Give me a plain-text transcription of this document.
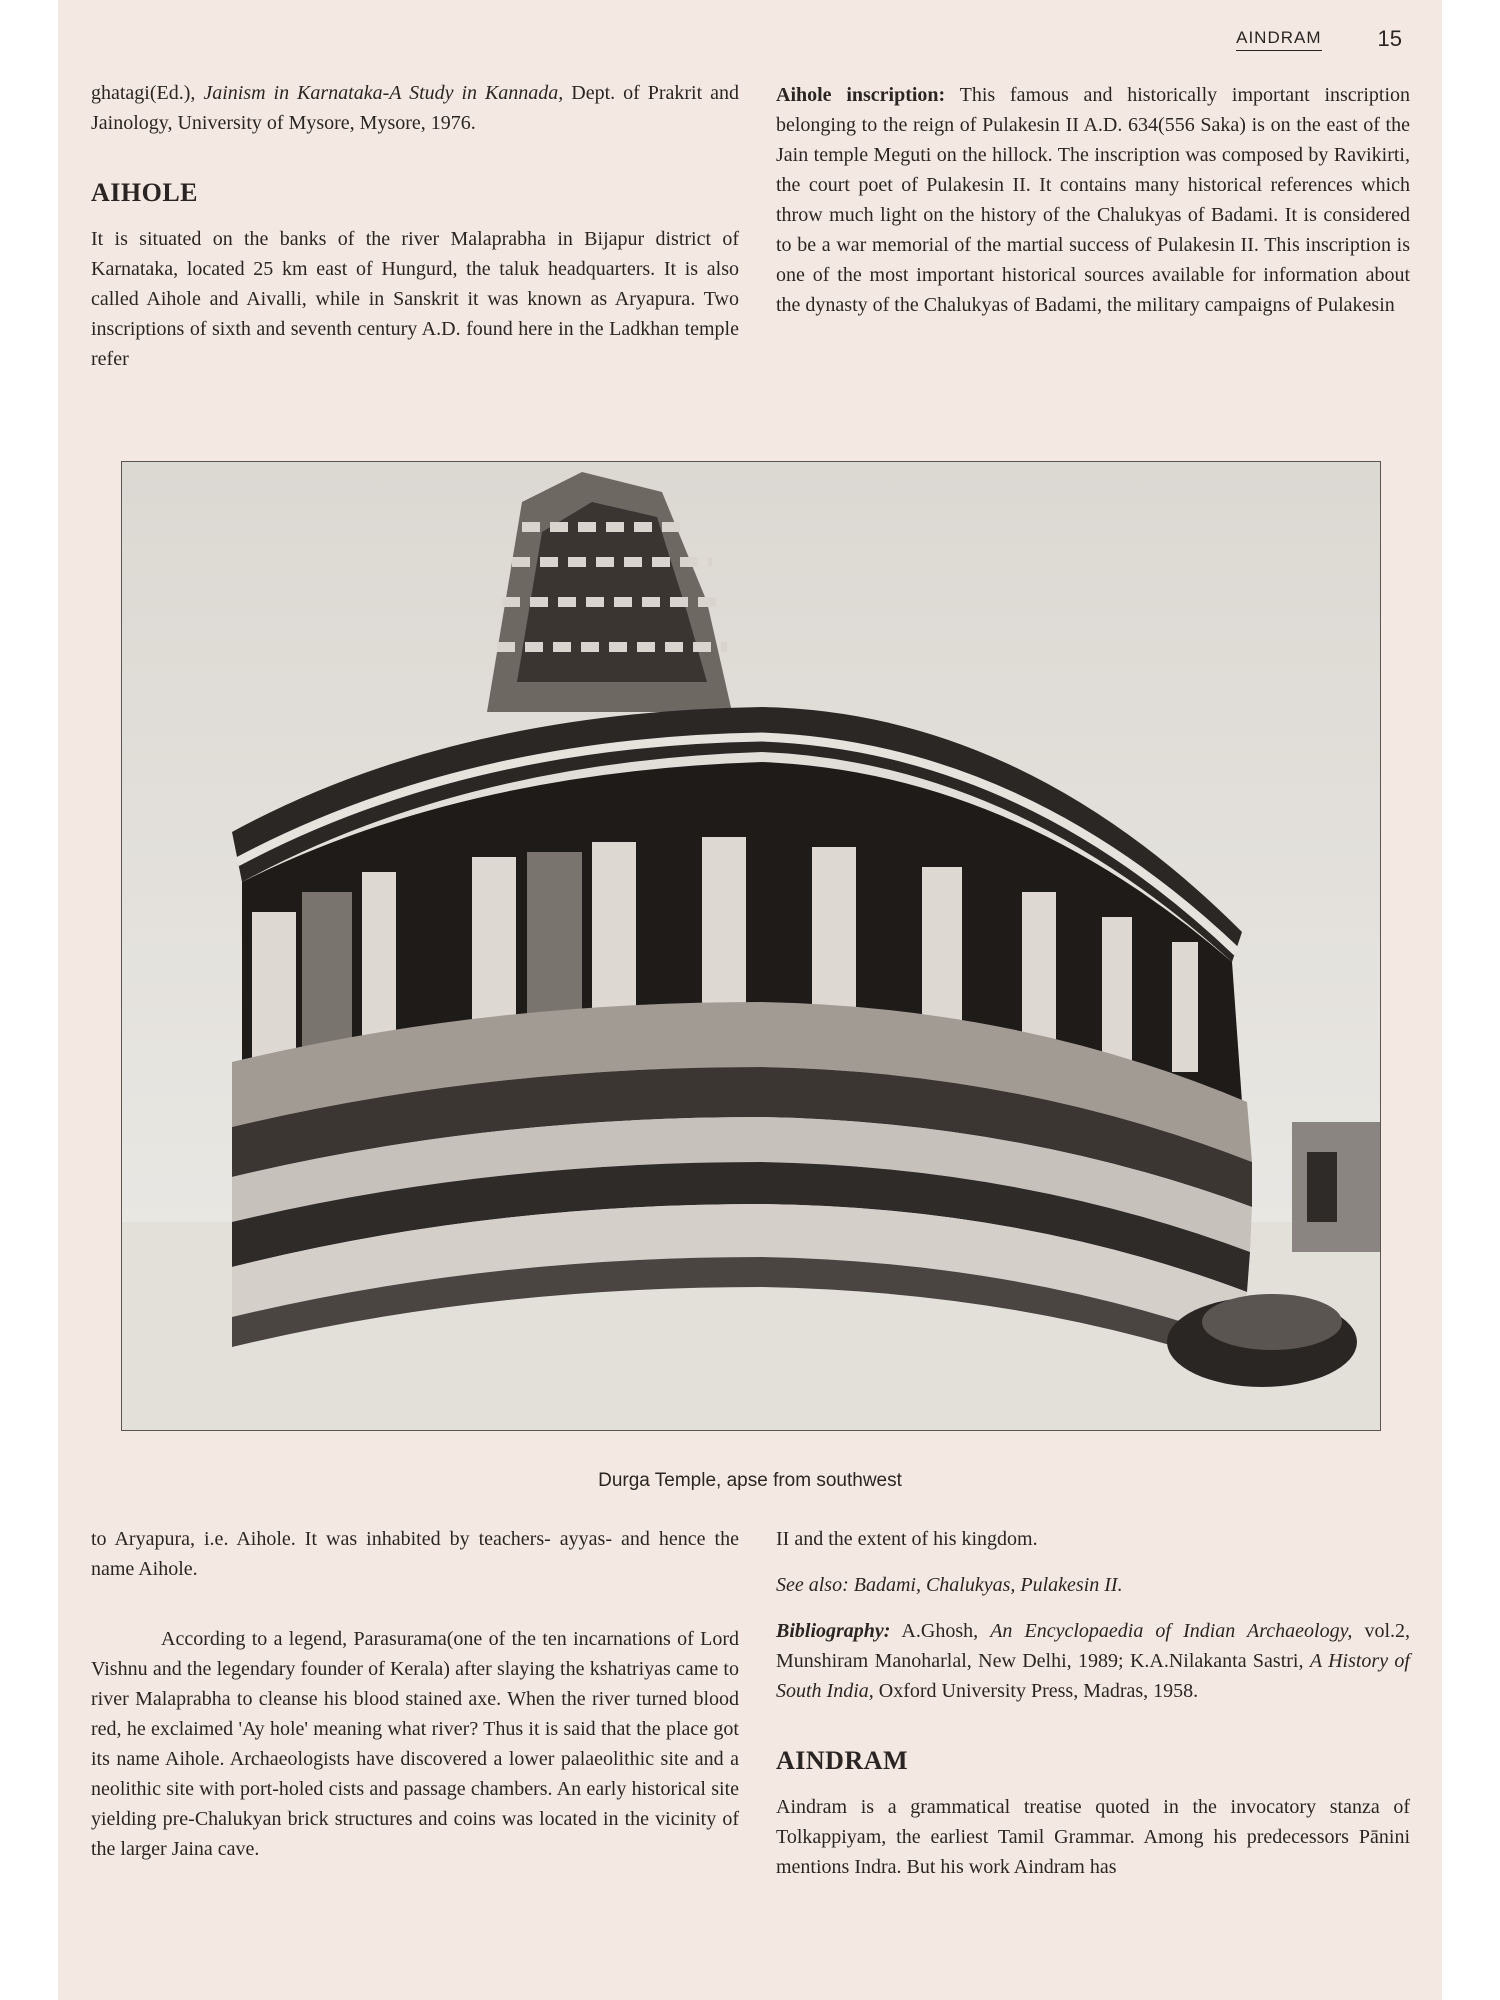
AINDRAM	15

ghatagi(Ed.), Jainism in Karnataka-A Study in Kannada, Dept. of Prakrit and Jainology, University of Mysore, Mysore, 1976.

AIHOLE

It is situated on the banks of the river Malaprabha in Bijapur district of Karnataka, located 25 km east of Hungurd, the taluk headquarters. It is also called Aihole and Aivalli, while in Sanskrit it was known as Aryapura. Two inscriptions of sixth and seventh century A.D. found here in the Ladkhan temple refer

Aihole inscription: This famous and historically important inscription belonging to the reign of Pulakesin II A.D. 634(556 Saka) is on the east of the Jain temple Meguti on the hillock. The inscription was composed by Ravikirti, the court poet of Pulakesin II. It contains many historical references which throw much light on the history of the Chalukyas of Badami. It is considered to be a war memorial of the martial success of Pulakesin II. This inscription is one of the most important historical sources available for information about the dynasty of the Chalukyas of Badami, the military campaigns of Pulakesin

Durga Temple, apse from southwest

to Aryapura, i.e. Aihole. It was inhabited by teachers- ayyas- and hence the name Aihole.

According to a legend, Parasurama(one of the ten incarnations of Lord Vishnu and the legendary founder of Kerala) after slaying the kshatriyas came to river Malaprabha to cleanse his blood stained axe. When the river turned blood red, he exclaimed 'Ay hole' meaning what river? Thus it is said that the place got its name Aihole. Archaeologists have discovered a lower palaeolithic site and a neolithic site with port-holed cists and passage chambers. An early historical site yielding pre-Chalukyan brick structures and coins was located in the vicinity of the larger Jaina cave.

II and the extent of his kingdom.

See also: Badami, Chalukyas, Pulakesin II.

Bibliography: A.Ghosh, An Encyclopaedia of Indian Archaeology, vol.2, Munshiram Manoharlal, New Delhi, 1989; K.A.Nilakanta Sastri, A History of South India, Oxford University Press, Madras, 1958.

AINDRAM

Aindram is a grammatical treatise quoted in the invocatory stanza of Tolkappiyam, the earliest Tamil Grammar. Among his predecessors Pānini mentions Indra. But his work Aindram has
